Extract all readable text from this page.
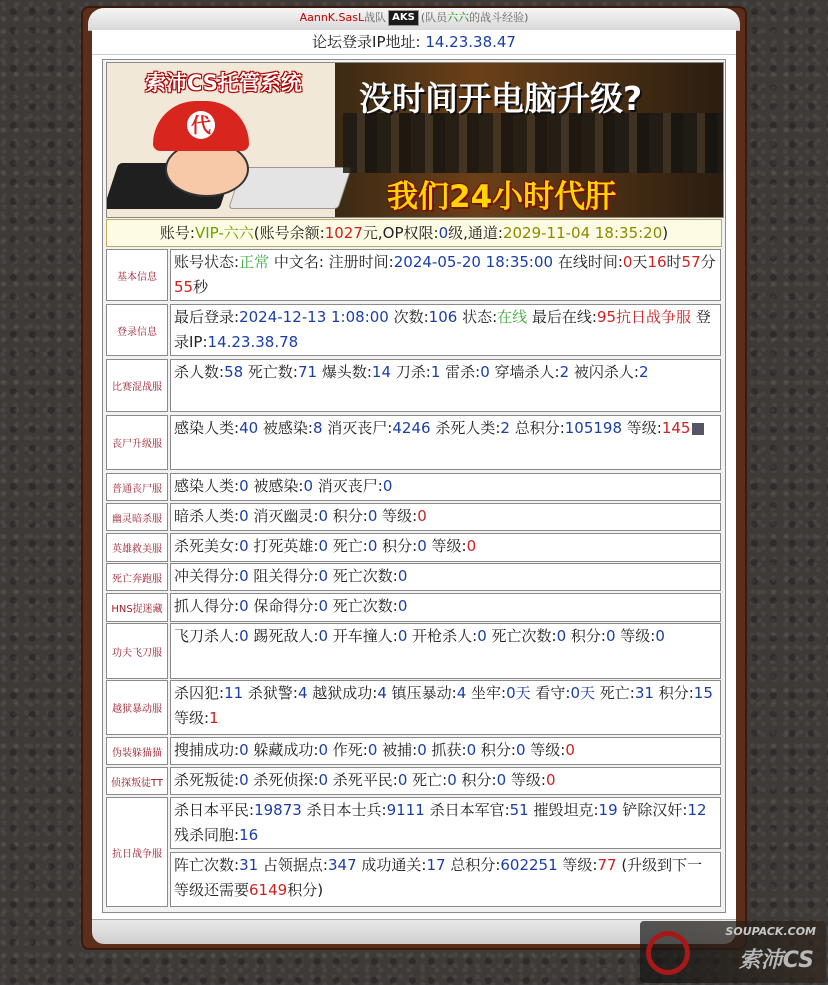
AannK.SasL战队 AKS (队员六六的战斗经验)
论坛登录IP地址: 14.23.38.47
代
索沛CS托管系统 没时间开电脑升级?
我们24小时代肝
账号:VIP-六六(账号余额:1027元,OP权限:0级,通道:2029-11-04 18:35:20)
基本信息
账号状态:正常 中文名: 注册时间:2024-05-20 18:35:00 在线时间:0天16时57分55秒
登录信息
最后登录:2024-12-13 1:08:00 次数:106 状态:在线 最后在线:95抗日战争服 登录IP:14.23.38.78
比赛混战服
杀人数:58 死亡数:71 爆头数:14 刀杀:1 雷杀:0 穿墙杀人:2 被闪杀人:2
丧尸升级服
感染人类:40 被感染:8 消灭丧尸:4246 杀死人类:2 总积分:105198 等级:145
普通丧尸服 感染人类:0 被感染:0 消灭丧尸:0
幽灵暗杀服 暗杀人类:0 消灭幽灵:0 积分:0 等级:0
英雄救美服 杀死美女:0 打死英雄:0 死亡:0 积分:0 等级:0
死亡奔跑服 冲关得分:0 阻关得分:0 死亡次数:0
HNS捉迷藏 抓人得分:0 保命得分:0 死亡次数:0
功夫飞刀服
飞刀杀人:0 踢死敌人:0 开车撞人:0 开枪杀人:0 死亡次数:0 积分:0 等级:0
越狱暴动服
杀囚犯:11 杀狱警:4 越狱成功:4 镇压暴动:4 坐牢:0天 看守:0天 死亡:31 积分:15 等级:1
伪装躲猫猫 搜捕成功:0 躲藏成功:0 作死:0 被捕:0 抓获:0 积分:0 等级:0
侦探叛徒TT 杀死叛徒:0 杀死侦探:0 杀死平民:0 死亡:0 积分:0 等级:0
抗日战争服
杀日本平民:19873 杀日本士兵:9111 杀日本军官:51 摧毁坦克:19 铲除汉奸:12 残杀同胞:16
阵亡次数:31 占领据点:347 成功通关:17 总积分:602251 等级:77 (升级到下一等级还需要6149积分)
SOUPACK.COM
索沛CS
